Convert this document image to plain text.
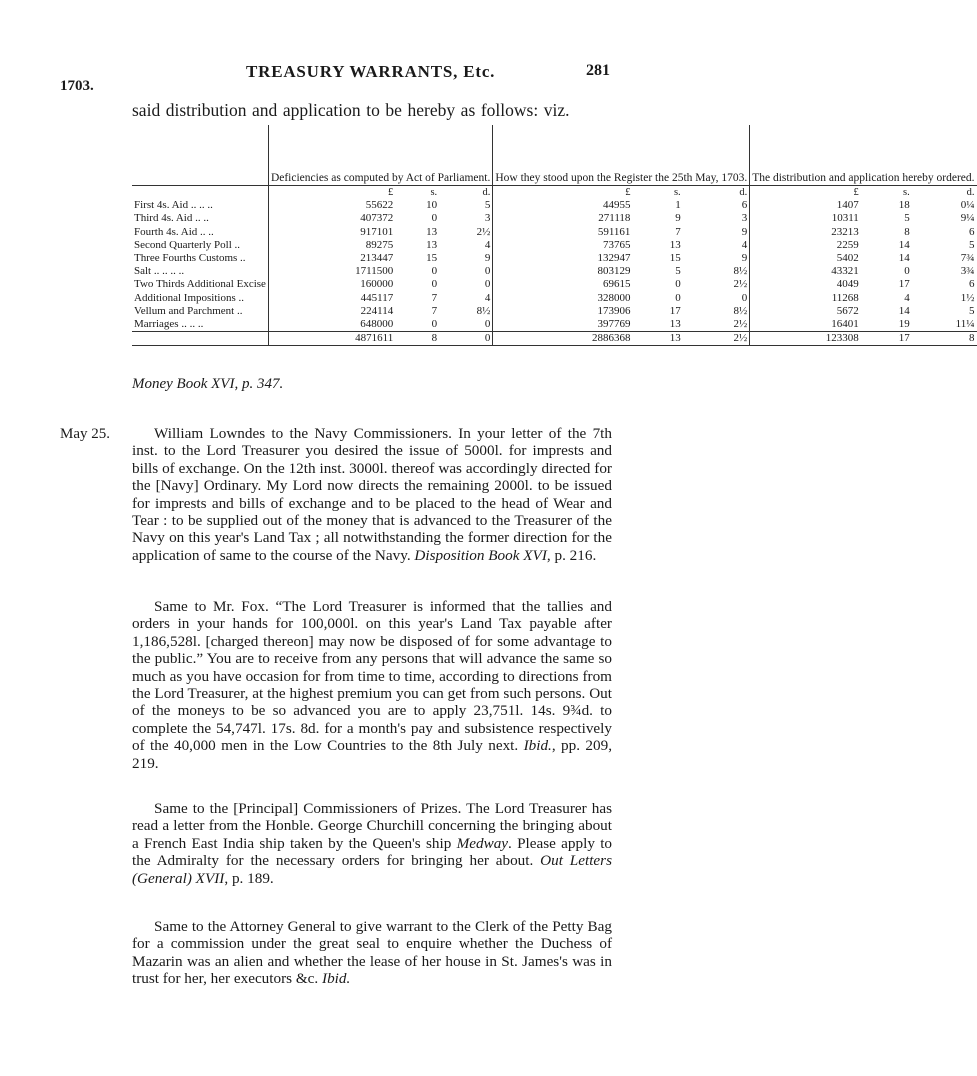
1703.
TREASURY WARRANTS, Etc.	281
said distribution and application to be hereby as follows: viz.
	Deficiencies as computed by Act of Parliament.			How they stood upon the Register the 25th May, 1703.			The distribution and application hereby ordered.		
	£	s.	d.	£	s.	d.	£	s.	d.
First 4s. Aid .. .. ..	55622	10	5	44955	1	6	1407	18	0¼
Third 4s. Aid .. ..	407372	0	3	271118	9	3	10311	5	9¼
Fourth 4s. Aid .. ..	917101	13	2½	591161	7	9	23213	8	6
Second Quarterly Poll ..	89275	13	4	73765	13	4	2259	14	5
Three Fourths Customs ..	213447	15	9	132947	15	9	5402	14	7¾
Salt .. .. .. ..	1711500	0	0	803129	5	8½	43321	0	3¾
Two Thirds Additional Excise	160000	0	0	69615	0	2½	4049	17	6
Additional Impositions ..	445117	7	4	328000	0	0	11268	4	1½
Vellum and Parchment ..	224114	7	8½	173906	17	8½	5672	14	5
Marriages .. .. ..	648000	0	0	397769	13	2½	16401	19	11¼
	4871611	8	0	2886368	13	2½	123308	17	8
Money Book XVI, p. 347.
May 25.	William Lowndes to the Navy Commissioners. In your letter of the 7th inst. to the Lord Treasurer you desired the issue of 5000l. for imprests and bills of exchange. On the 12th inst. 3000l. thereof was accordingly directed for the [Navy] Ordinary. My Lord now directs the remaining 2000l. to be issued for imprests and bills of exchange and to be placed to the head of Wear and Tear : to be supplied out of the money that is advanced to the Treasurer of the Navy on this year's Land Tax ; all notwithstanding the former direction for the application of same to the course of the Navy. Disposition Book XVI, p. 216.
Same to Mr. Fox. “The Lord Treasurer is informed that the tallies and orders in your hands for 100,000l. on this year's Land Tax payable after 1,186,528l. [charged thereon] may now be disposed of for some advantage to the public.” You are to receive from any persons that will advance the same so much as you have occasion for from time to time, according to directions from the Lord Treasurer, at the highest premium you can get from such persons. Out of the moneys to be so advanced you are to apply 23,751l. 14s. 9¾d. to complete the 54,747l. 17s. 8d. for a month's pay and subsistence respectively of the 40,000 men in the Low Countries to the 8th July next. Ibid., pp. 209, 219.
Same to the [Principal] Commissioners of Prizes. The Lord Treasurer has read a letter from the Honble. George Churchill concerning the bringing about a French East India ship taken by the Queen's ship Medway. Please apply to the Admiralty for the necessary orders for bringing her about. Out Letters (General) XVII, p. 189.
Same to the Attorney General to give warrant to the Clerk of the Petty Bag for a commission under the great seal to enquire whether the Duchess of Mazarin was an alien and whether the lease of her house in St. James's was in trust for her, her executors &c. Ibid.
